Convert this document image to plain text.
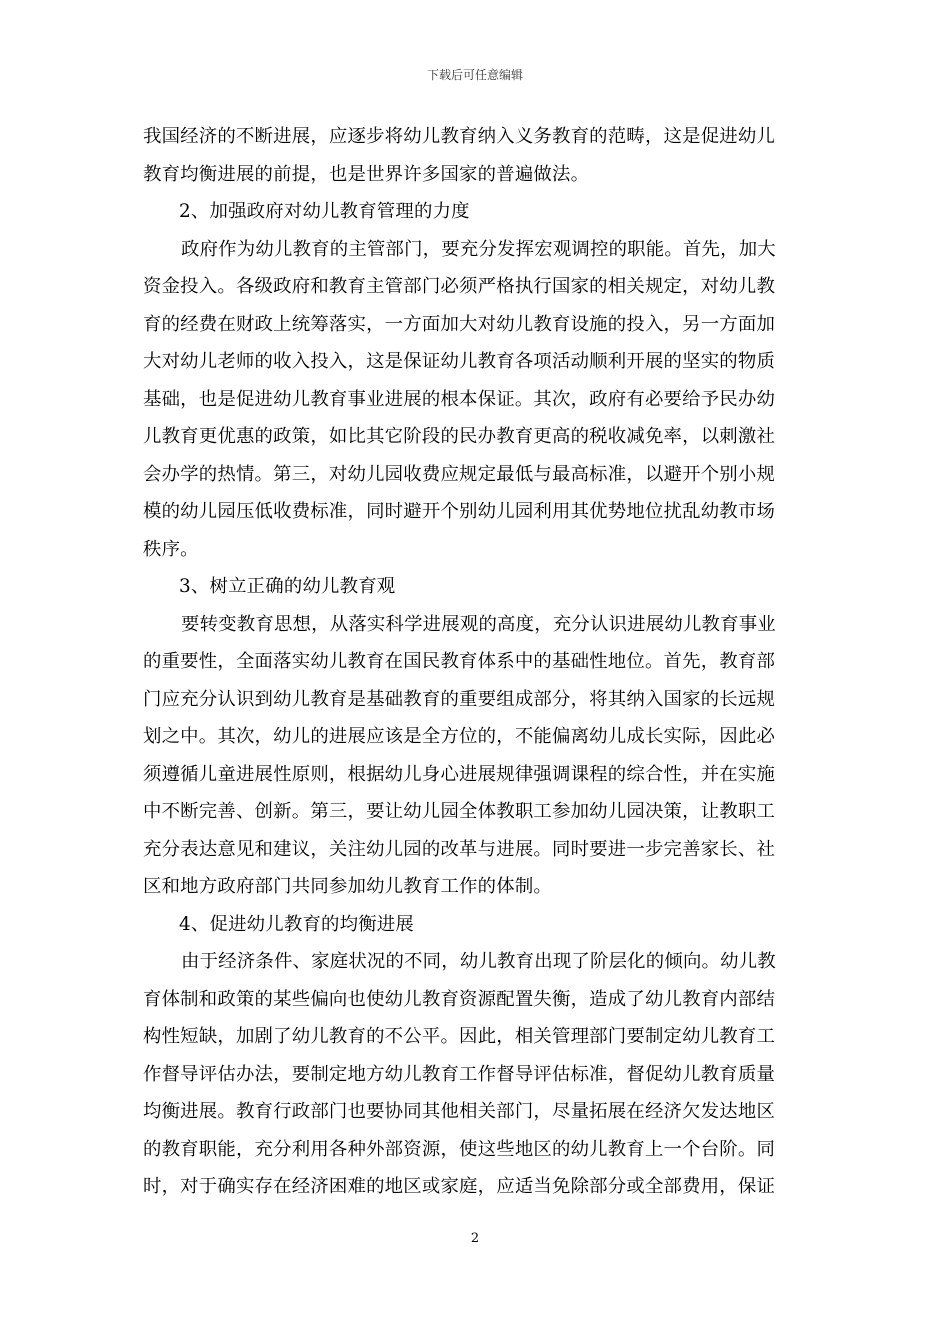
下载后可任意编辑
我国经济的不断进展，应逐步将幼儿教育纳入义务教育的范畴，这是促进幼儿
教育均衡进展的前提，也是世界许多国家的普遍做法。
2、加强政府对幼儿教育管理的力度
政府作为幼儿教育的主管部门，要充分发挥宏观调控的职能。首先，加大
资金投入。各级政府和教育主管部门必须严格执行国家的相关规定，对幼儿教
育的经费在财政上统筹落实，一方面加大对幼儿教育设施的投入，另一方面加
大对幼儿老师的收入投入，这是保证幼儿教育各项活动顺利开展的坚实的物质
基础，也是促进幼儿教育事业进展的根本保证。其次，政府有必要给予民办幼
儿教育更优惠的政策，如比其它阶段的民办教育更高的税收减免率，以刺激社
会办学的热情。第三，对幼儿园收费应规定最低与最高标准，以避开个别小规
模的幼儿园压低收费标准，同时避开个别幼儿园利用其优势地位扰乱幼教市场
秩序。
3、树立正确的幼儿教育观
要转变教育思想，从落实科学进展观的高度，充分认识进展幼儿教育事业
的重要性，全面落实幼儿教育在国民教育体系中的基础性地位。首先，教育部
门应充分认识到幼儿教育是基础教育的重要组成部分，将其纳入国家的长远规
划之中。其次，幼儿的进展应该是全方位的，不能偏离幼儿成长实际，因此必
须遵循儿童进展性原则，根据幼儿身心进展规律强调课程的综合性，并在实施
中不断完善、创新。第三，要让幼儿园全体教职工参加幼儿园决策，让教职工
充分表达意见和建议，关注幼儿园的改革与进展。同时要进一步完善家长、社
区和地方政府部门共同参加幼儿教育工作的体制。
4、促进幼儿教育的均衡进展
由于经济条件、家庭状况的不同，幼儿教育出现了阶层化的倾向。幼儿教
育体制和政策的某些偏向也使幼儿教育资源配置失衡，造成了幼儿教育内部结
构性短缺，加剧了幼儿教育的不公平。因此，相关管理部门要制定幼儿教育工
作督导评估办法，要制定地方幼儿教育工作督导评估标准，督促幼儿教育质量
均衡进展。教育行政部门也要协同其他相关部门，尽量拓展在经济欠发达地区
的教育职能，充分利用各种外部资源，使这些地区的幼儿教育上一个台阶。同
时，对于确实存在经济困难的地区或家庭，应适当免除部分或全部费用，保证
2
